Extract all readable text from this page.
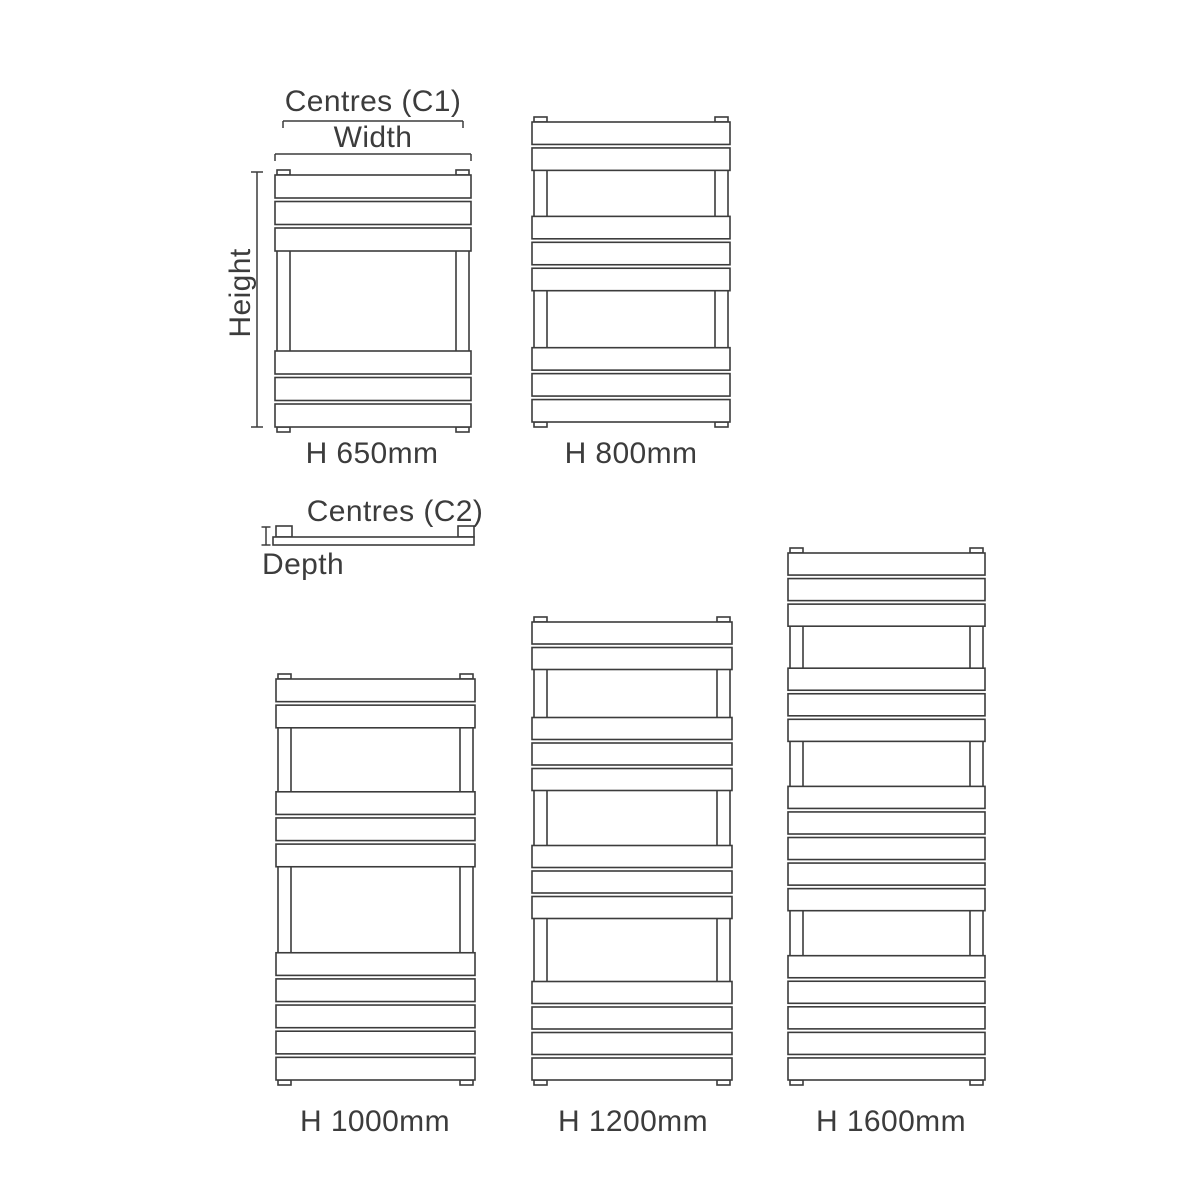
Centres (C1)
Width
Height
H 650mm	H 800mm
Centres (C2)
Depth
H 1000mm	H 1200mm	H 1600mm
